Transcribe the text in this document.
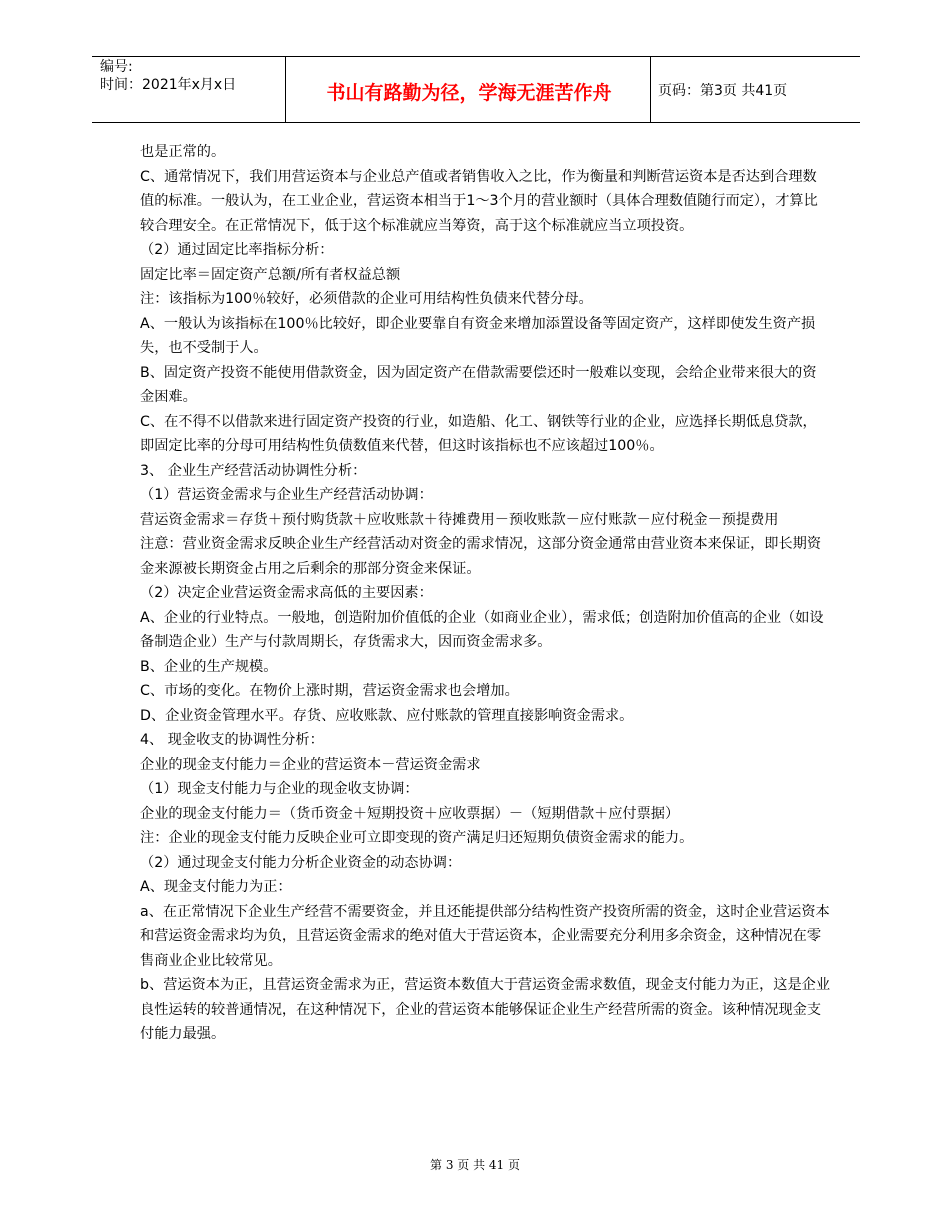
编号:
时间：2021年x月x日	书山有路勤为径，学海无涯苦作舟	页码：第3页 共41页

也是正常的。

C、通常情况下，我们用营运资本与企业总产值或者销售收入之比，作为衡量和判断营运资本是否达到合理数值的标准。一般认为，在工业企业，营运资本相当于1～3个月的营业额时（具体合理数值随行而定），才算比较合理安全。在正常情况下，低于这个标准就应当筹资，高于这个标准就应当立项投资。

（2）通过固定比率指标分析：

固定比率＝固定资产总额/所有者权益总额

注：该指标为100％较好，必须借款的企业可用结构性负债来代替分母。

A、一般认为该指标在100％比较好，即企业要靠自有资金来增加添置设备等固定资产，这样即使发生资产损失，也不受制于人。

B、固定资产投资不能使用借款资金，因为固定资产在借款需要偿还时一般难以变现，会给企业带来很大的资金困难。

C、在不得不以借款来进行固定资产投资的行业，如造船、化工、钢铁等行业的企业，应选择长期低息贷款，即固定比率的分母可用结构性负债数值来代替，但这时该指标也不应该超过100％。

3、 企业生产经营活动协调性分析：

（1）营运资金需求与企业生产经营活动协调：

营运资金需求＝存货＋预付购货款＋应收账款＋待摊费用－预收账款－应付账款－应付税金－预提费用

注意：营业资金需求反映企业生产经营活动对资金的需求情况，这部分资金通常由营业资本来保证，即长期资金来源被长期资金占用之后剩余的那部分资金来保证。

（2）决定企业营运资金需求高低的主要因素：

A、企业的行业特点。一般地，创造附加价值低的企业（如商业企业），需求低；创造附加价值高的企业（如设备制造企业）生产与付款周期长，存货需求大，因而资金需求多。

B、企业的生产规模。

C、市场的变化。在物价上涨时期，营运资金需求也会增加。

D、企业资金管理水平。存货、应收账款、应付账款的管理直接影响资金需求。

4、 现金收支的协调性分析：

企业的现金支付能力＝企业的营运资本－营运资金需求

（1）现金支付能力与企业的现金收支协调：

企业的现金支付能力＝（货币资金＋短期投资＋应收票据）－（短期借款＋应付票据）

注：企业的现金支付能力反映企业可立即变现的资产满足归还短期负债资金需求的能力。

（2）通过现金支付能力分析企业资金的动态协调：

A、现金支付能力为正：

a、在正常情况下企业生产经营不需要资金，并且还能提供部分结构性资产投资所需的资金，这时企业营运资本和营运资金需求均为负，且营运资金需求的绝对值大于营运资本，企业需要充分利用多余资金，这种情况在零售商业企业比较常见。

b、营运资本为正，且营运资金需求为正，营运资本数值大于营运资金需求数值，现金支付能力为正，这是企业良性运转的较普通情况，在这种情况下，企业的营运资本能够保证企业生产经营所需的资金。该种情况现金支付能力最强。

第 3 页 共 41 页
